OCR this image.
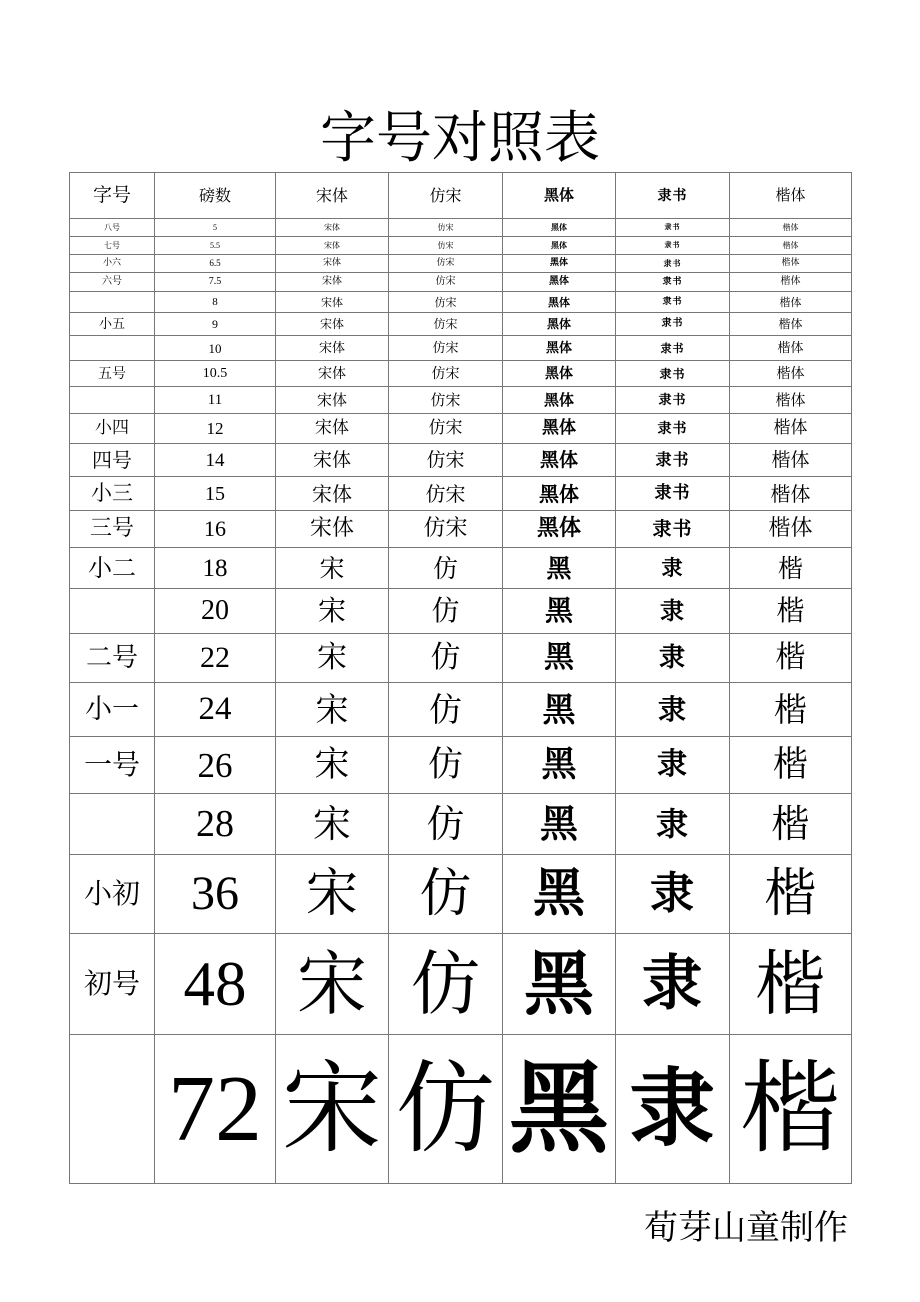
字号对照表
字号	磅数	宋体	仿宋	黑体	隶书	楷体
八号	5	宋体	仿宋	黑体	隶书	楷体
七号	5.5	宋体	仿宋	黑体	隶书	楷体
小六	6.5	宋体	仿宋	黑体	隶书	楷体
六号	7.5	宋体	仿宋	黑体	隶书	楷体
	8	宋体	仿宋	黑体	隶书	楷体
小五	9	宋体	仿宋	黑体	隶书	楷体
	10	宋体	仿宋	黑体	隶书	楷体
五号	10.5	宋体	仿宋	黑体	隶书	楷体
	11	宋体	仿宋	黑体	隶书	楷体
小四	12	宋体	仿宋	黑体	隶书	楷体
四号	14	宋体	仿宋	黑体	隶书	楷体
小三	15	宋体	仿宋	黑体	隶书	楷体
三号	16	宋体	仿宋	黑体	隶书	楷体
小二	18	宋	仿	黑	隶	楷
	20	宋	仿	黑	隶	楷
二号	22	宋	仿	黑	隶	楷
小一	24	宋	仿	黑	隶	楷
一号	26	宋	仿	黑	隶	楷
	28	宋	仿	黑	隶	楷
小初	36	宋	仿	黑	隶	楷
初号	48	宋	仿	黑	隶	楷
	72	宋	仿	黑	隶	楷
荀芽山童制作
